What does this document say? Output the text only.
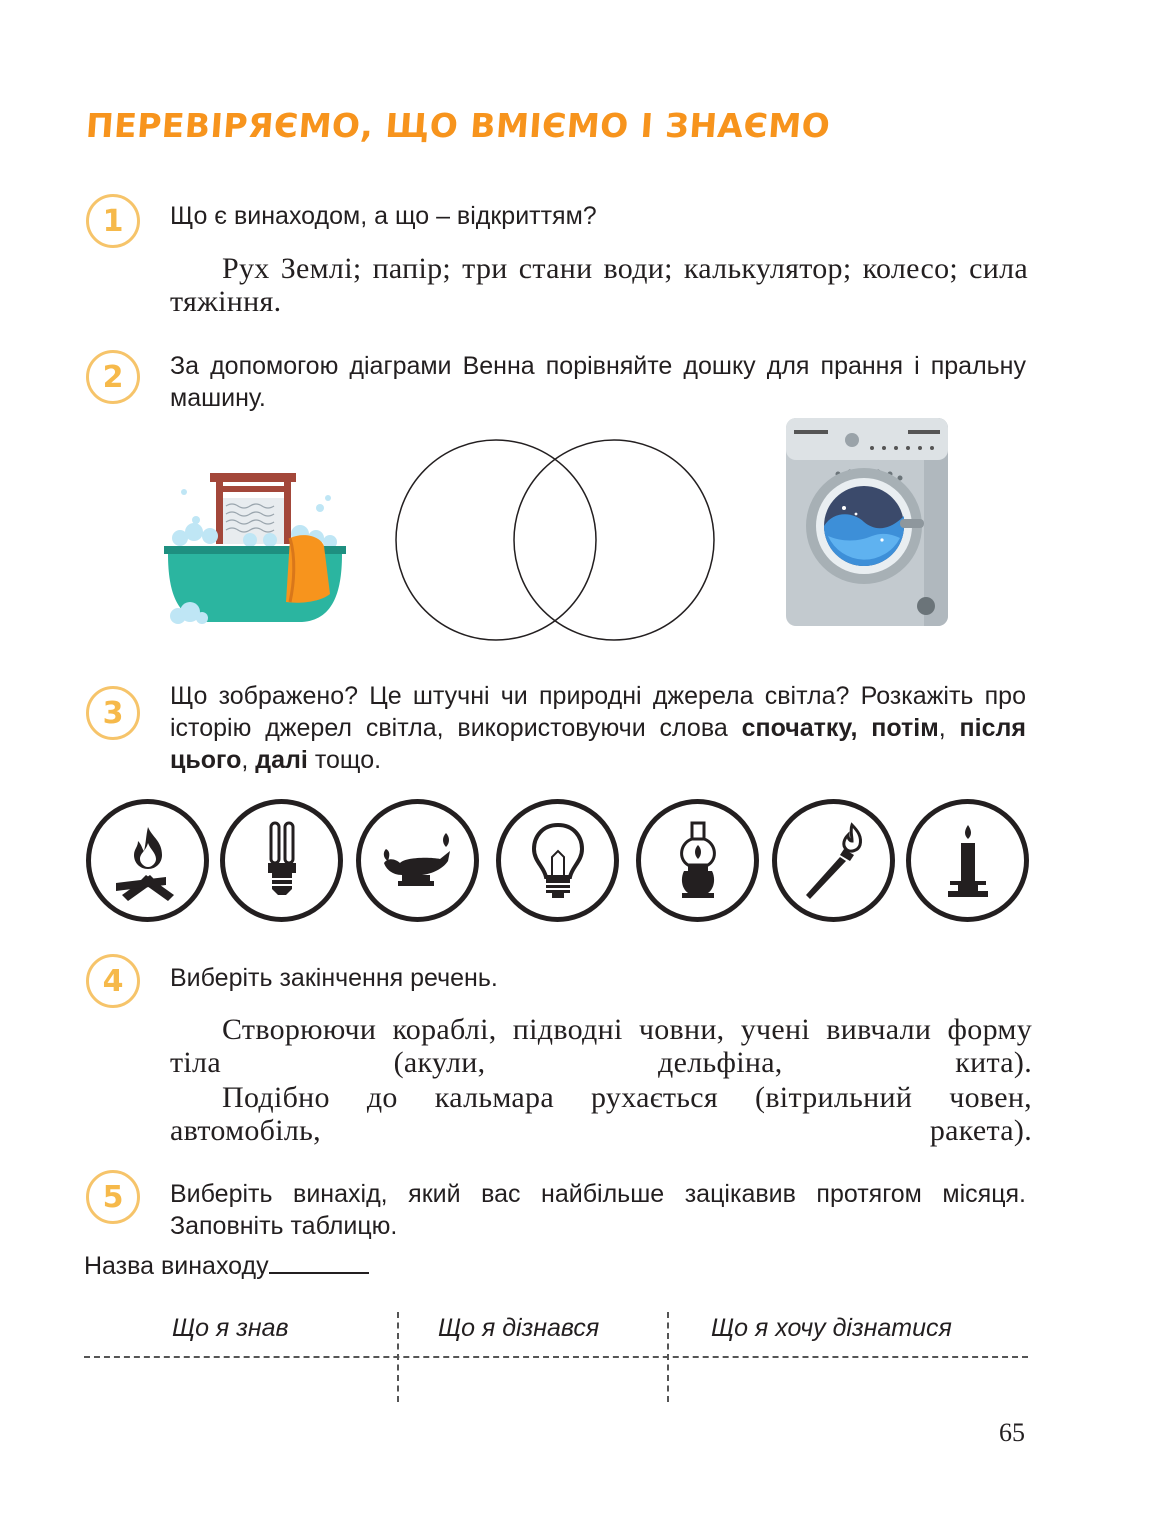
ПЕРЕВІРЯЄМО, ЩО ВМІЄМО І ЗНАЄМО
1	Що є винаходом, а що – відкриттям?
Рух Землі; папір; три стани води; калькулятор; колесо; сила тяжіння.
2	За допомогою діаграми Венна порівняйте дошку для прання і пральну машину.
3	Що зображено? Це штучні чи природні джерела світла? Розкажіть про історію джерел світла, використовуючи слова спочатку, потім, після цього, далі тощо.
4	Виберіть закінчення речень.
Створюючи кораблі, підводні човни, учені вивчали форму тіла (акули, дельфіна, кита).
Подібно до кальмара рухається (вітрильний човен, автомобіль, ракета).
5	Виберіть винахід, який вас найбільше зацікавив протягом місяця. Заповніть таблицю.
Назва винаходу
Що я знав	Що я дізнався	Що я хочу дізнатися
65
